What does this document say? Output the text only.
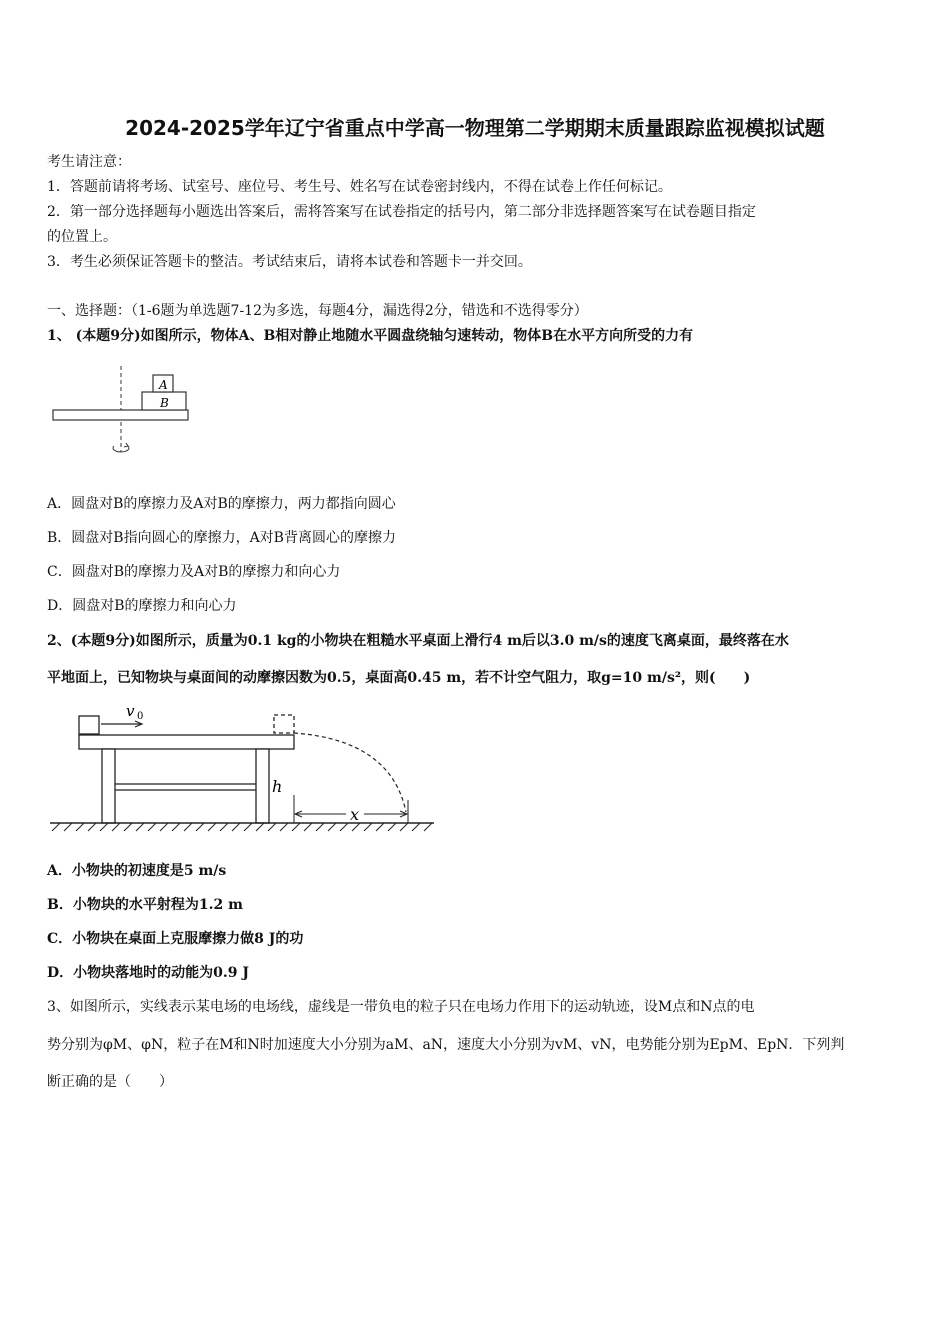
2024-2025学年辽宁省重点中学高一物理第二学期期末质量跟踪监视模拟试题
考生请注意：
1．答题前请将考场、试室号、座位号、考生号、姓名写在试卷密封线内，不得在试卷上作任何标记。
2．第一部分选择题每小题选出答案后，需将答案写在试卷指定的括号内，第二部分非选择题答案写在试卷题目指定
的位置上。
3．考生必须保证答题卡的整洁。考试结束后，请将本试卷和答题卡一并交回。
一、选择题：（1-6题为单选题7-12为多选，每题4分，漏选得2分，错选和不选得零分）
1、 (本题9分)如图所示，物体A、B相对静止地随水平圆盘绕轴匀速转动，物体B在水平方向所受的力有
A
B
A．圆盘对B的摩擦力及A对B的摩擦力，两力都指向圆心
B．圆盘对B指向圆心的摩擦力，A对B背离圆心的摩擦力
C．圆盘对B的摩擦力及A对B的摩擦力和向心力
D．圆盘对B的摩擦力和向心力
2、(本题9分)如图所示，质量为0.1 kg的小物块在粗糙水平桌面上滑行4 m后以3.0 m/s的速度飞离桌面，最终落在水
平地面上，已知物块与桌面间的动摩擦因数为0.5，桌面高0.45 m，若不计空气阻力，取g=10 m/s²，则(　　)
v 0
h
x
A．小物块的初速度是5 m/s
B．小物块的水平射程为1.2 m
C．小物块在桌面上克服摩擦力做8 J的功
D．小物块落地时的动能为0.9 J
3、如图所示，实线表示某电场的电场线，虚线是一带负电的粒子只在电场力作用下的运动轨迹，设M点和N点的电
势分别为φM、φN，粒子在M和N时加速度大小分别为aM、aN，速度大小分别为vM、vN，电势能分别为EpM、EpN．下列判
断正确的是（　　）
